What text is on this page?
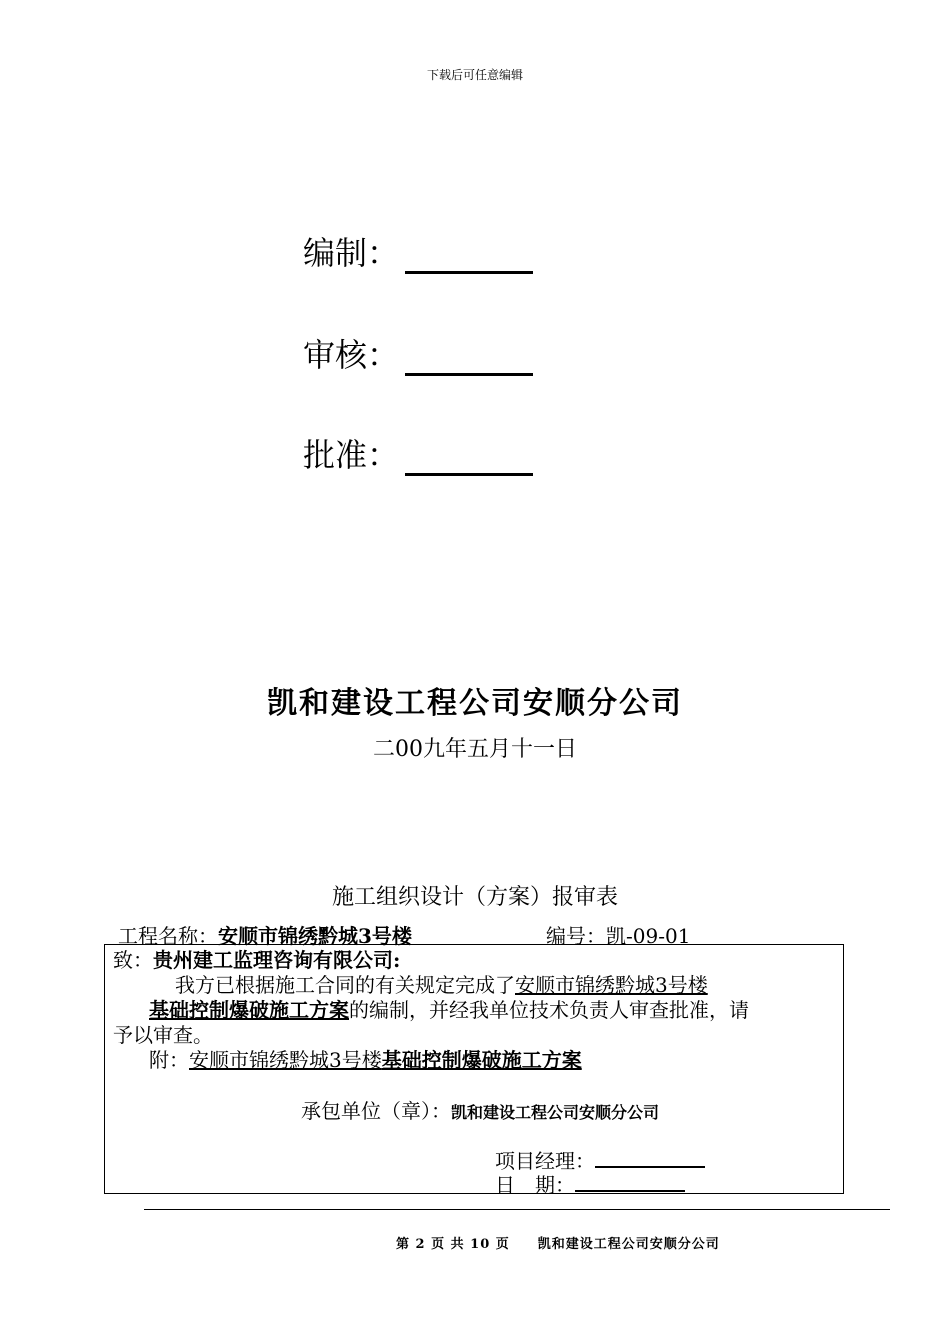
下载后可任意编辑
编制：
审核：
批准：
凯和建设工程公司安顺分公司
二00九年五月十一日
施工组织设计（方案）报审表
工程名称：安顺市锦绣黔城3号楼	编号：凯-09-01
致：贵州建工监理咨询有限公司:
我方已根据施工合同的有关规定完成了安顺市锦绣黔城3号楼
基础控制爆破施工方案的编制，并经我单位技术负责人审查批准，请
予以审查。
附：安顺市锦绣黔城3号楼基础控制爆破施工方案
承包单位（章）：凯和建设工程公司安顺分公司
项目经理：
日　期：
第 2 页 共 10 页 凯和建设工程公司安顺分公司
